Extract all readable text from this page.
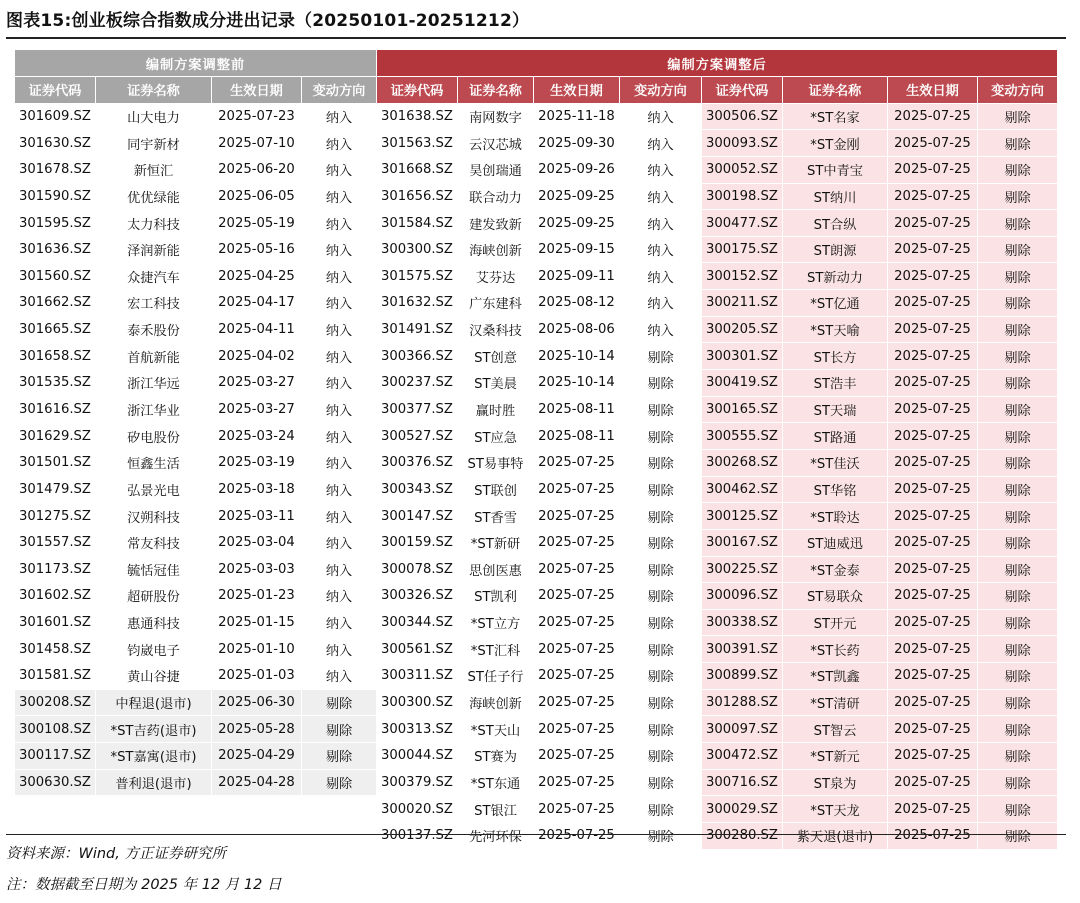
图表15:创业板综合指数成分进出记录（20250101-20251212）
编制方案调整前				编制方案调整后							
证券代码	证券名称	生效日期	变动方向	证券代码	证券名称	生效日期	变动方向	证券代码	证券名称	生效日期	变动方向
301609.SZ	山大电力	2025-07-23	纳入	301638.SZ	南网数字	2025-11-18	纳入	300506.SZ	*ST名家	2025-07-25	剔除
301630.SZ	同宇新材	2025-07-10	纳入	301563.SZ	云汉芯城	2025-09-30	纳入	300093.SZ	*ST金刚	2025-07-25	剔除
301678.SZ	新恒汇	2025-06-20	纳入	301668.SZ	昊创瑞通	2025-09-26	纳入	300052.SZ	ST中青宝	2025-07-25	剔除
301590.SZ	优优绿能	2025-06-05	纳入	301656.SZ	联合动力	2025-09-25	纳入	300198.SZ	ST纳川	2025-07-25	剔除
301595.SZ	太力科技	2025-05-19	纳入	301584.SZ	建发致新	2025-09-25	纳入	300477.SZ	ST合纵	2025-07-25	剔除
301636.SZ	泽润新能	2025-05-16	纳入	300300.SZ	海峡创新	2025-09-15	纳入	300175.SZ	ST朗源	2025-07-25	剔除
301560.SZ	众捷汽车	2025-04-25	纳入	301575.SZ	艾芬达	2025-09-11	纳入	300152.SZ	ST新动力	2025-07-25	剔除
301662.SZ	宏工科技	2025-04-17	纳入	301632.SZ	广东建科	2025-08-12	纳入	300211.SZ	*ST亿通	2025-07-25	剔除
301665.SZ	泰禾股份	2025-04-11	纳入	301491.SZ	汉桑科技	2025-08-06	纳入	300205.SZ	*ST天喻	2025-07-25	剔除
301658.SZ	首航新能	2025-04-02	纳入	300366.SZ	ST创意	2025-10-14	剔除	300301.SZ	ST长方	2025-07-25	剔除
301535.SZ	浙江华远	2025-03-27	纳入	300237.SZ	ST美晨	2025-10-14	剔除	300419.SZ	ST浩丰	2025-07-25	剔除
301616.SZ	浙江华业	2025-03-27	纳入	300377.SZ	赢时胜	2025-08-11	剔除	300165.SZ	ST天瑞	2025-07-25	剔除
301629.SZ	矽电股份	2025-03-24	纳入	300527.SZ	ST应急	2025-08-11	剔除	300555.SZ	ST路通	2025-07-25	剔除
301501.SZ	恒鑫生活	2025-03-19	纳入	300376.SZ	ST易事特	2025-07-25	剔除	300268.SZ	*ST佳沃	2025-07-25	剔除
301479.SZ	弘景光电	2025-03-18	纳入	300343.SZ	ST联创	2025-07-25	剔除	300462.SZ	ST华铭	2025-07-25	剔除
301275.SZ	汉朔科技	2025-03-11	纳入	300147.SZ	ST香雪	2025-07-25	剔除	300125.SZ	*ST聆达	2025-07-25	剔除
301557.SZ	常友科技	2025-03-04	纳入	300159.SZ	*ST新研	2025-07-25	剔除	300167.SZ	ST迪威迅	2025-07-25	剔除
301173.SZ	毓恬冠佳	2025-03-03	纳入	300078.SZ	思创医惠	2025-07-25	剔除	300225.SZ	*ST金泰	2025-07-25	剔除
301602.SZ	超研股份	2025-01-23	纳入	300326.SZ	ST凯利	2025-07-25	剔除	300096.SZ	ST易联众	2025-07-25	剔除
301601.SZ	惠通科技	2025-01-15	纳入	300344.SZ	*ST立方	2025-07-25	剔除	300338.SZ	ST开元	2025-07-25	剔除
301458.SZ	钧崴电子	2025-01-10	纳入	300561.SZ	*ST汇科	2025-07-25	剔除	300391.SZ	*ST长药	2025-07-25	剔除
301581.SZ	黄山谷捷	2025-01-03	纳入	300311.SZ	ST任子行	2025-07-25	剔除	300899.SZ	*ST凯鑫	2025-07-25	剔除
300208.SZ	中程退(退市)	2025-06-30	剔除	300300.SZ	海峡创新	2025-07-25	剔除	301288.SZ	*ST清研	2025-07-25	剔除
300108.SZ	*ST吉药(退市)	2025-05-28	剔除	300313.SZ	*ST天山	2025-07-25	剔除	300097.SZ	ST智云	2025-07-25	剔除
300117.SZ	*ST嘉寓(退市)	2025-04-29	剔除	300044.SZ	ST赛为	2025-07-25	剔除	300472.SZ	*ST新元	2025-07-25	剔除
300630.SZ	普利退(退市)	2025-04-28	剔除	300379.SZ	*ST东通	2025-07-25	剔除	300716.SZ	ST泉为	2025-07-25	剔除
				300020.SZ	ST银江	2025-07-25	剔除	300029.SZ	*ST天龙	2025-07-25	剔除
				300137.SZ	先河环保	2025-07-25	剔除	300280.SZ	紫天退(退市)	2025-07-25	剔除
资料来源：Wind, 方正证券研究所
注：数据截至日期为 2025 年 12 月 12 日
